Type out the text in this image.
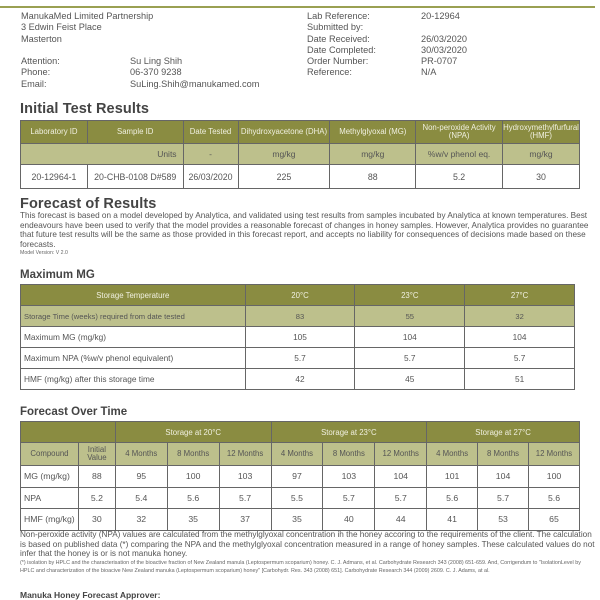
ManukaMed Limited Partnership
3 Edwin Feist Place
Masterton
Attention:	Su Ling Shih
Phone:	06-370 9238
Email:	SuLing.Shih@manukamed.com
Lab Reference:	20-12964
Submitted by:
Date Received:	26/03/2020
Date Completed:	30/03/2020
Order Number:	PR-0707
Reference:	N/A
Initial Test Results
Laboratory ID	Sample ID	Date Tested	Dihydroxyacetone (DHA)	Methylglyoxal (MG)	Non-peroxide Activity (NPA)	Hydroxymethylfurfural (HMF)
Units		-	mg/kg	mg/kg	%w/v phenol eq.	mg/kg
20-12964-1	20-CHB-0108 D#589	26/03/2020	225	88	5.2	30
Forecast of Results
This forecast is based on a model developed by Analytica, and validated using test results from samples incubated by Analytica at known temperatures. Best endeavours have been used to verify that the model provides a reasonable forecast of changes in honey samples. However, Analytica provides no guarantee that future test results will be the same as those provided in this forecast report, and accepts no liability for consequences of decisions made based on these forecasts.
Model Version: V 2.0
Maximum MG
Storage Temperature	20°C	23°C	27°C
Storage Time (weeks) required from date tested	83	55	32
Maximum MG (mg/kg)	105	104	104
Maximum NPA (%w/v phenol equivalent)	5.7	5.7	5.7
HMF (mg/kg) after this storage time	42	45	51
Forecast Over Time
		Storage at 20°C			Storage at 23°C			Storage at 27°C		
Compound	Initial Value	4 Months	8 Months	12 Months	4 Months	8 Months	12 Months	4 Months	8 Months	12 Months
MG (mg/kg)	88	95	100	103	97	103	104	101	104	100
NPA	5.2	5.4	5.6	5.7	5.5	5.7	5.7	5.6	5.7	5.6
HMF (mg/kg)	30	32	35	37	35	40	44	41	53	65
Non-peroxide activity (NPA) values are calculated from the methylglyoxal concentration ih the honey accoring to the requirements of the client. The calculation is based on published data (*) comparing the NPA and the methylglyoxal concentration measured in a range of honey samples. These calculated values do not infer that the honey is or is not manuka honey.
(*) isolation by HPLC and the characterisation of the bioactive fraction of New Zealand manula (Leptospermum scoparium) honey. C. J. Admans, et al. Carbohydrate Research 343 (2008) 651-659. And, Corrigendum to "IsolationLevel by HPLC and characterization of the bioacive New Zealand manuka (Leptospermum scoparium) honey" [Carbohydr. Res. 343 (2008) 651]. Carbohydrate Research 344 (2009) 2609. C. J. Adams, at al.
Manuka Honey Forecast Approver:
